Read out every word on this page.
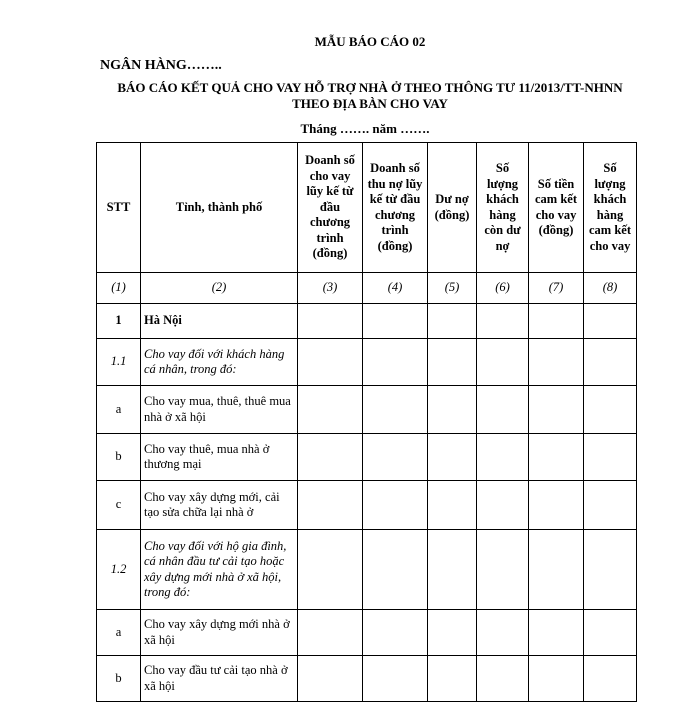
MẪU BÁO CÁO 02
NGÂN HÀNG……..
BÁO CÁO KẾT QUẢ CHO VAY HỖ TRỢ NHÀ Ở THEO THÔNG TƯ 11/2013/TT-NHNN THEO ĐỊA BÀN CHO VAY
Tháng ……. năm …….
STT	Tỉnh, thành phố	Doanh số cho vay lũy kế từ đầu chương trình (đồng)	Doanh số thu nợ lũy kế từ đầu chương trình (đồng)	Dư nợ (đồng)	Số lượng khách hàng còn dư nợ	Số tiền cam kết cho vay (đồng)	Số lượng khách hàng cam kết cho vay
(1)	(2)	(3)	(4)	(5)	(6)	(7)	(8)
1	Hà Nội						
1.1	Cho vay đối với khách hàng cá nhân, trong đó:						
a	Cho vay mua, thuê, thuê mua nhà ở xã hội						
b	Cho vay thuê, mua nhà ở thương mại						
c	Cho vay xây dựng mới, cải tạo sửa chữa lại nhà ở						
1.2	Cho vay đối với hộ gia đình, cá nhân đầu tư cải tạo hoặc xây dựng mới nhà ở xã hội, trong đó:						
a	Cho vay xây dựng mới nhà ở xã hội						
b	Cho vay đầu tư cải tạo nhà ở xã hội						
